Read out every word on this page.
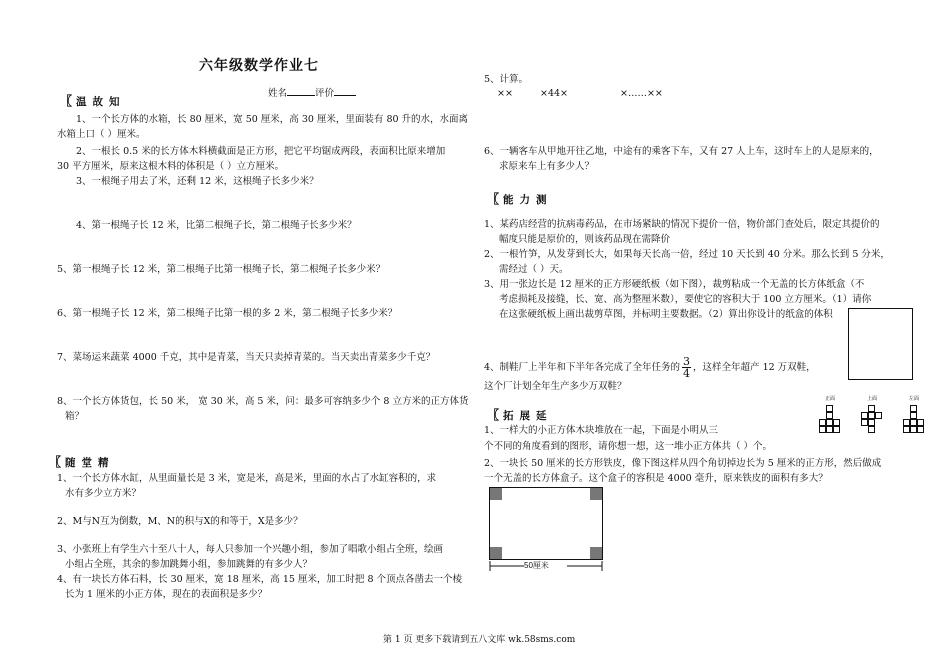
六年级数学作业七
姓名	评价
〖 温故知
1、一个长方体的水箱，长 80 厘米，宽 50 厘米，高 30 厘米，里面装有 80 升的水，水面离
水箱上口（ ）厘米。
2、一根长 0.5 米的长方体木料横截面是正方形，把它平均锯成两段，表面积比原来增加
30 平方厘米，原来这根木料的体积是（ ）立方厘米。
3、一根绳子用去了米，还剩 12 米，这根绳子长多少米？
4、第一根绳子长 12 米，比第二根绳子长，第二根绳子长多少米？
5、第一根绳子长 12 米，第二根绳子比第一根绳子长，第二根绳子长多少米？
6、第一根绳子长 12 米，第二根绳子比第一根的多 2 米，第二根绳子长多少米？
7、菜场运来蔬菜 4000 千克，其中是青菜，当天只卖掉青菜的。当天卖出青菜多少千克？
8、一个长方体货包，长 50 米， 宽 30 米，高 5 米，问：最多可容纳多少个 8 立方米的正方体货
箱？
〖 随堂精
1、一个长方体水缸，从里面量长是 3 米，宽是米，高是米，里面的水占了水缸容积的，求
水有多少立方米？
2、M与N互为倒数，M、N的积与X的和等于，X是多少？
3、小张班上有学生六十至八十人，每人只参加一个兴趣小组，参加了唱歌小组占全班，绘画
小组占全班，其余的参加跳舞小组，参加跳舞的有多少人？
4、有一块长方体石料，长 30 厘米，宽 18 厘米，高 15 厘米，加工时把 8 个顶点各凿去一个棱
长为 1 厘米的小正方体，现在的表面积是多少？
5、计算。
××	×44×	×……××
6、一辆客车从甲地开往乙地，中途有的乘客下车，又有 27 人上车，这时车上的人是原来的，
求原来车上有多少人？
〖 能力测
1、某药店经营的抗病毒药品，在市场紧缺的情况下提价一倍，物价部门查处后，限定其提价的
幅度只能是原价的，则该药品现在需降价
2、一根竹笋，从发芽到长大，如果每天长高一倍，经过 10 天长到 40 分米。那么长到 5 分米，
需经过（ ）天。
3、用一张边长是 12 厘米的正方形硬纸板（如下图），裁剪粘成一个无盖的长方体纸盒（不
考虑损耗及接缝，长、宽、高为整厘米数），要使它的容积大于 100 立方厘米。（1）请你
在这张硬纸板上画出裁剪草图，并标明主要数据。（2）算出你设计的纸盒的体积
4、制鞋厂上半年和下半年各完成了全年任务的 $\frac{3}{4}$ ，这样全年超产 12 万双鞋，
这个厂计划全年生产多少万双鞋？
〖 拓展延
1、一样大的小正方体木块堆放在一起，下面是小明从三
个不同的角度看到的图形，请你想一想，这一堆小正方体共（ ）个。
正面	上面	左面
2、一块长 50 厘米的长方形铁皮，像下图这样从四个角切掉边长为 5 厘米的正方形，然后做成
一个无盖的长方体盒子。这个盒子的容积是 4000 毫升，原来铁皮的面积有多大？
50厘米
第 1 页 更多下载请到五八文库 wk.58sms.com
